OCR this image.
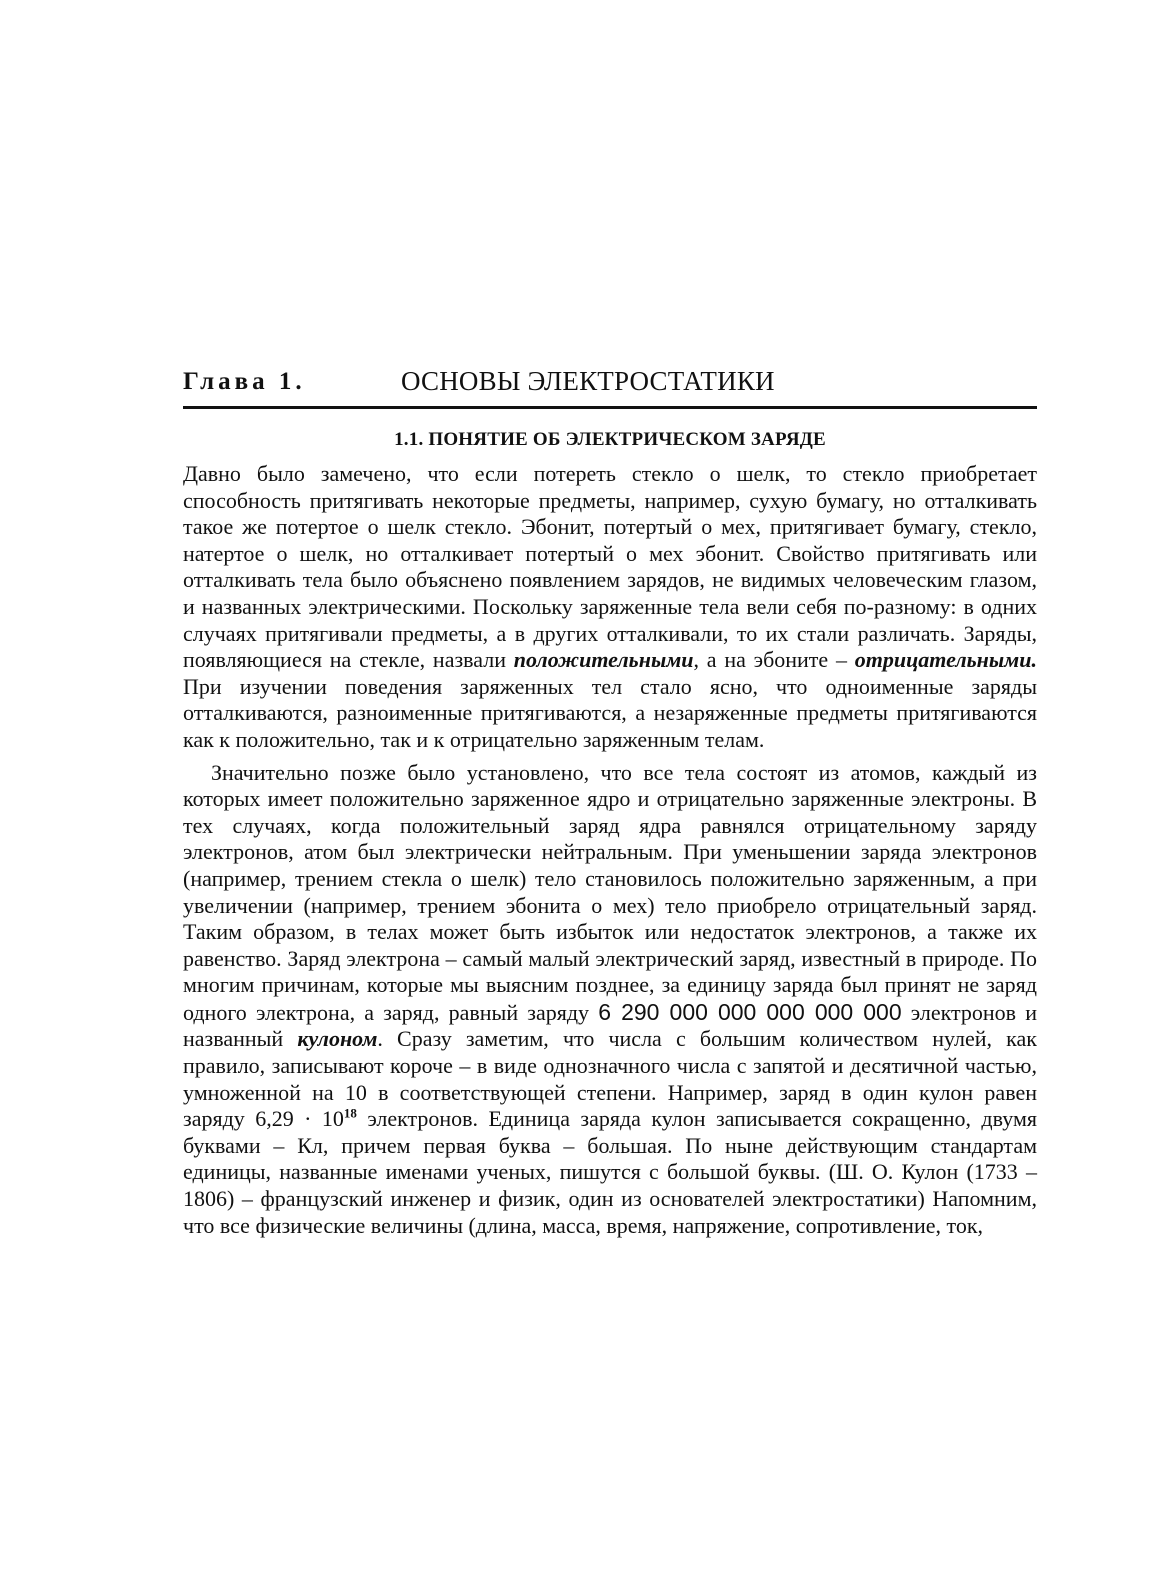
Глава 1.	ОСНОВЫ ЭЛЕКТРОСТАТИКИ
1.1. ПОНЯТИЕ ОБ ЭЛЕКТРИЧЕСКОМ ЗАРЯДЕ

Давно было замечено, что если потереть стекло о шелк, то стекло приобретает способность притягивать некоторые предметы, например, сухую бумагу, но отталкивать такое же потертое о шелк стекло. Эбонит, потертый о мех, притягивает бумагу, стекло, натертое о шелк, но отталкивает потертый о мех эбонит. Свойство притягивать или отталкивать тела было объяснено появлением зарядов, не видимых человеческим глазом, и названных электрическими. Поскольку заряженные тела вели себя по-разному: в одних случаях притягивали предметы, а в других отталкивали, то их стали различать. Заряды, появляющиеся на стекле, назвали положительными, а на эбоните – отрицательными. При изучении поведения заряженных тел стало ясно, что одноименные заряды отталкиваются, разноименные притягиваются, а незаряженные предметы притягиваются как к положительно, так и к отрицательно заряженным телам.

Значительно позже было установлено, что все тела состоят из атомов, каждый из которых имеет положительно заряженное ядро и отрицательно заряженные электроны. В тех случаях, когда положительный заряд ядра равнялся отрицательному заряду электронов, атом был электрически нейтральным. При уменьшении заряда электронов (например, трением стекла о шелк) тело становилось положительно заряженным, а при увеличении (например, трением эбонита о мех) тело приобрело отрицательный заряд. Таким образом, в телах может быть избыток или недостаток электронов, а также их равенство. Заряд электрона – самый малый электрический заряд, известный в природе. По многим причинам, которые мы выясним позднее, за единицу заряда был принят не заряд одного электрона, а заряд, равный заряду 6 290 000 000 000 000 000 электронов и названный кулоном. Сразу заметим, что числа с большим количеством нулей, как правило, записывают короче – в виде однозначного числа с запятой и десятичной частью, умноженной на 10 в соответствующей степени. Например, заряд в один кулон равен заряду $6,29 \cdot 10^{18}$ электронов. Единица заряда кулон записывается сокращенно, двумя буквами – Кл, причем первая буква – большая. По ныне действующим стандартам единицы, названные именами ученых, пишутся с большой буквы. (Ш. О. Кулон (1733 – 1806) – французский инженер и физик, один из основателей электростатики) Напомним, что все физические величины (длина, масса, время, напряжение, сопротивление, ток,
